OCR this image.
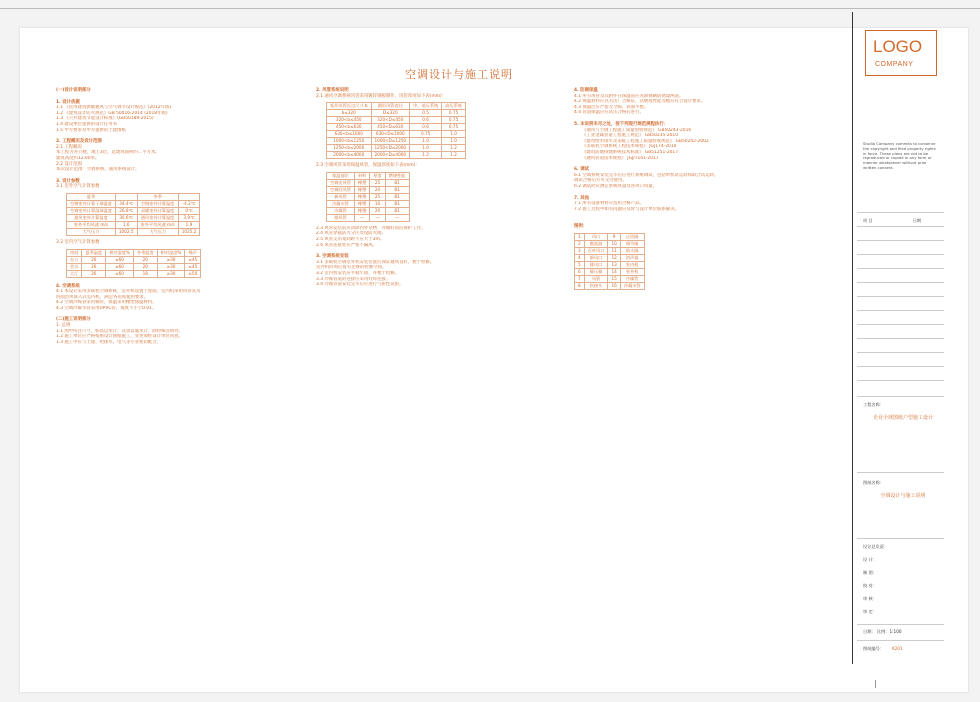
空调设计与施工说明
(一)设计说明部分
1. 设计依据
1.1 《民用建筑供暖通风与空气调节设计规范》(2012年版)
1.2 《建筑设计防火规范》GB 50016-2014 (2018年版)
1.3 《公共建筑节能设计标准》(GB50189-2015)
1.4 建设单位提供的设计任务书
1.5 甲方要求及甲方提供的土建图纸
2. 工程概况及设计范围
2.1 工程概况
本工程为办公楼，地上3层，总建筑面积约…平方米。
建筑高度约12.00米。
2.2 设计范围
本次设计范围：空调系统、通风系统设计。
3. 设计参数
3.1 室外空气计算参数
夏季		冬季	
空调室外计算干球温度	34.4℃	空调室外计算温度	-4.2℃
空调室外计算湿球温度	26.8℃	采暖室外计算温度	0℃
通风室外计算温度	30.6℃	通风室外计算温度	3.9℃
室外平均风速 m/s	1.6	室外平均风速 m/s	1.9
大气压力	1002.5	大气压力	1025.2
3.2 室内空气计算参数
房间	夏季温度	相对湿度%	冬季温度	相对湿度%	噪声
办公	26	≤60	20	≥30	≤45
会议	26	≤60	20	≥30	≤45
大厅	26	≤60	18	≥30	≤50
4. 空调系统
4.1 本设计采用多联机空调系统，室外机设置于屋面，室内机采用风管式及
四面出风嵌入式室内机，满足各房间使用要求。
4.2 空调冷媒管采用铜管，保温采用橡塑保温材料。
4.3 空调冷凝水管采用UPVC管，坡度不小于0.01。
(二)施工说明部分
1. 总则
1.1 图中所注尺寸，标高以米计，其余以毫米计，除特殊注明外。
1.2 施工单位应严格按照设计图纸施工，变更须经设计单位同意。
1.3 施工中应与土建、给排水、电气等专业密切配合。
2. 风管系统说明
2.1 通风空调系统风管采用镀锌钢板制作，风管厚度如下表(mm)：
矩形风管长边尺寸 b	圆形风管直径	中、低压系统	高压系统
b≤320	D≤320	0.5	0.75
320<b≤450	320<D≤450	0.6	0.75
450<b≤630	450<D≤630	0.6	0.75
630<b≤1000	630<D≤1000	0.75	1.0
1000<b≤1250	1000<D≤1250	1.0	1.0
1250<b≤2000	1250<D≤2000	1.0	1.2
2000<b≤4000	2000<D≤4000	1.2	1.2
2.3 空调风管采用保温风管，保温厚度如下表(mm)：
保温部位	材料	厚度	燃烧性能
空调送风管	橡塑	25	B1
空调回风管	橡塑	20	B1
新风管	橡塑	25	B1
冷凝水管	橡塑	10	B1
冷媒管	橡塑	20	B1
排风管	—	—	—
2.3 风管安装前应清除内外杂物，并做好清洁保护工作。
2.4 风管穿越防火分区处设防火阀。
2.5 风管支吊架间距不应大于3m。
2.6 风管连接处应严密不漏风。
3. 空调系统安装
3.1 多联机空调室外机安装位置应保证通风良好，便于检修。
室外机四周应留有足够的检修空间。
3.2 室内机安装应平稳牢固，并便于检修。
3.3 冷媒管道的连接应采用钎焊连接。
3.4 冷媒管道安装完毕后应进行气密性试验。
4. 防腐保温
4.1 所有风管及其附件在保温前应先除锈刷防锈漆两道。
4.2 保温材料应具有出厂合格证，其燃烧性能等级应符合设计要求。
4.3 保温层应严密无空隙，表面平整。
4.4 管道保温应在试压合格后进行。
5. 本说明未尽之处，按下列现行规范规程执行：
《通风与空调工程施工质量验收规范》 GB50243-2016
《工业金属管道工程施工规范》 GB50235-2010
《建筑给水排水及采暖工程施工质量验收规范》 GB50242-2002
《多联机空调系统工程技术规程》 JGJ174-2010
《建筑防烟排烟系统技术标准》 GB51251-2017
《通风管道技术规程》 JGJ/T141-2017
6. 调试
6.1 空调系统安装完毕后应进行系统调试，包括单机试运转和联合试运转。
调试合格后方可交付使用。
6.2 调试时应测定系统风量及各风口风量。
7. 其他
7.1 所有设备材料应选用合格产品。
7.2 施工过程中如有问题应及时与设计单位联系解决。
图例：
1	风口	9	止回阀
2	散流器	10	调节阀
3	百叶风口	11	防火阀
4	新风口	12	消声器
5	排风口	13	室内机
6	静压箱	14	室外机
7	风管	15	冷媒管
8	软接头	16	冷凝水管
LOGO
COMPANY
Studio Company commits to conserve the copyright and filed property rights in force. These plans are not to be reproduced or copied in any form or manner whatsoever without prior written consent.
项 目	日期
工程名称：
企业全球图纸户型施工设计
图纸名称：
空调设计与施工说明
设计总负责：
设 计：
制 图：
校 对：
审 核：
审 定：
日期： 比例：1:100
图纸编号： K201
